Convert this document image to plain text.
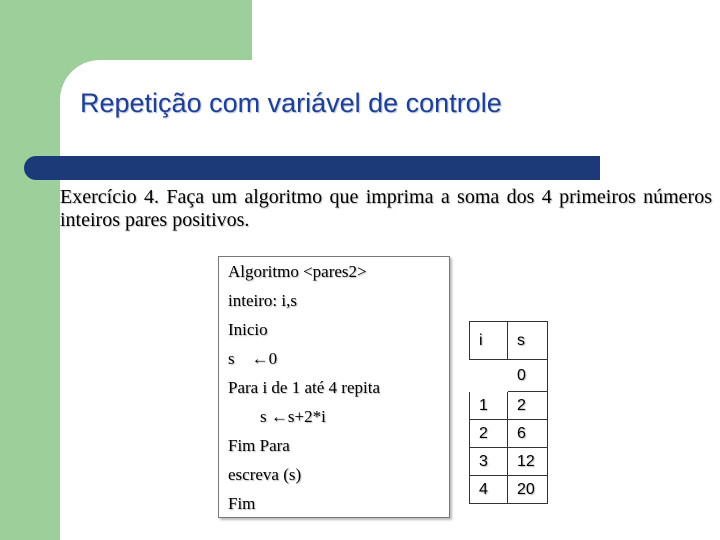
Repetição com variável de controle
Exercício 4. Faça um algoritmo que imprima a soma dos 4 primeiros números inteiros pares positivos.
Algoritmo <pares2>
inteiro: i,s
Inicio
s    ←0
Para i de 1 até 4 repita
s ←s+2*i
Fim Para
escreva (s)
Fim
i	s
	0
1	2
2	6
3	12
4	20
